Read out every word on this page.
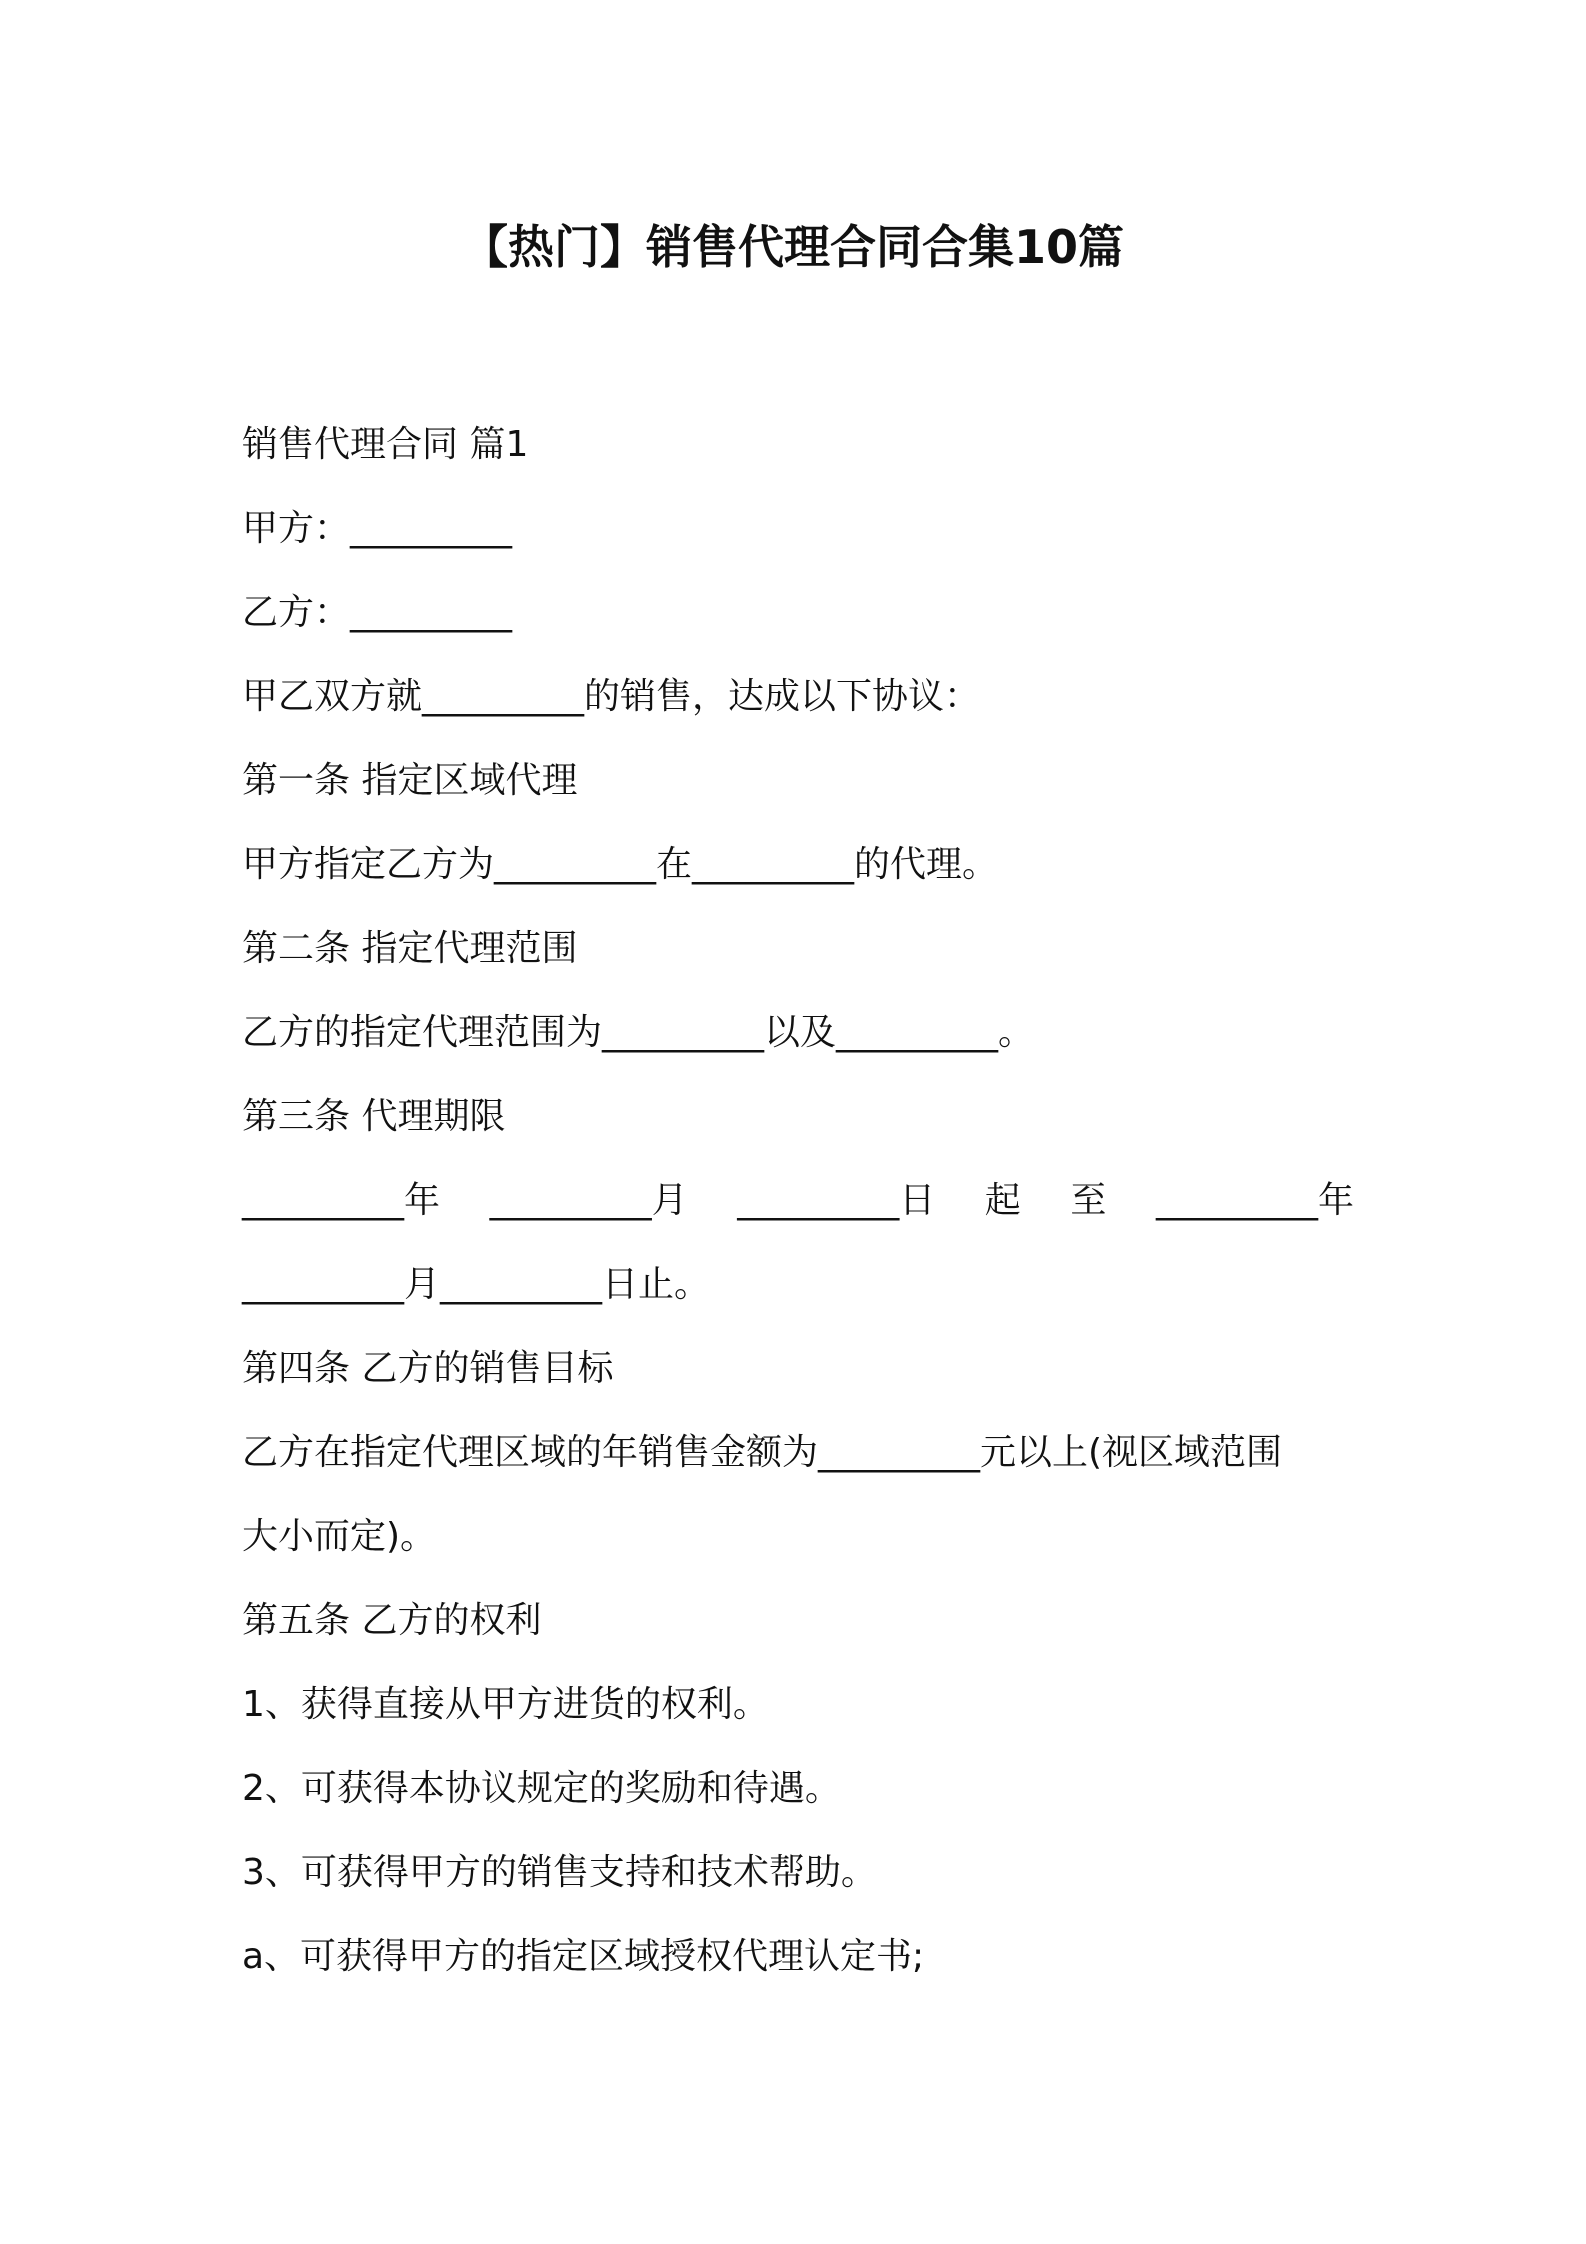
【热门】销售代理合同合集10篇
销售代理合同 篇1
甲方：_________
乙方：_________
甲乙双方就_________的销售，达成以下协议：
第一条 指定区域代理
甲方指定乙方为_________在_________的代理。
第二条 指定代理范围
乙方的指定代理范围为_________以及_________。
第三条 代理期限
_________年 _________月 _________日 起 至 _________年
_________月_________日止。
第四条 乙方的销售目标
乙方在指定代理区域的年销售金额为_________元以上(视区域范围
大小而定)。
第五条 乙方的权利
1、获得直接从甲方进货的权利。
2、可获得本协议规定的奖励和待遇。
3、可获得甲方的销售支持和技术帮助。
a、可获得甲方的指定区域授权代理认定书;
